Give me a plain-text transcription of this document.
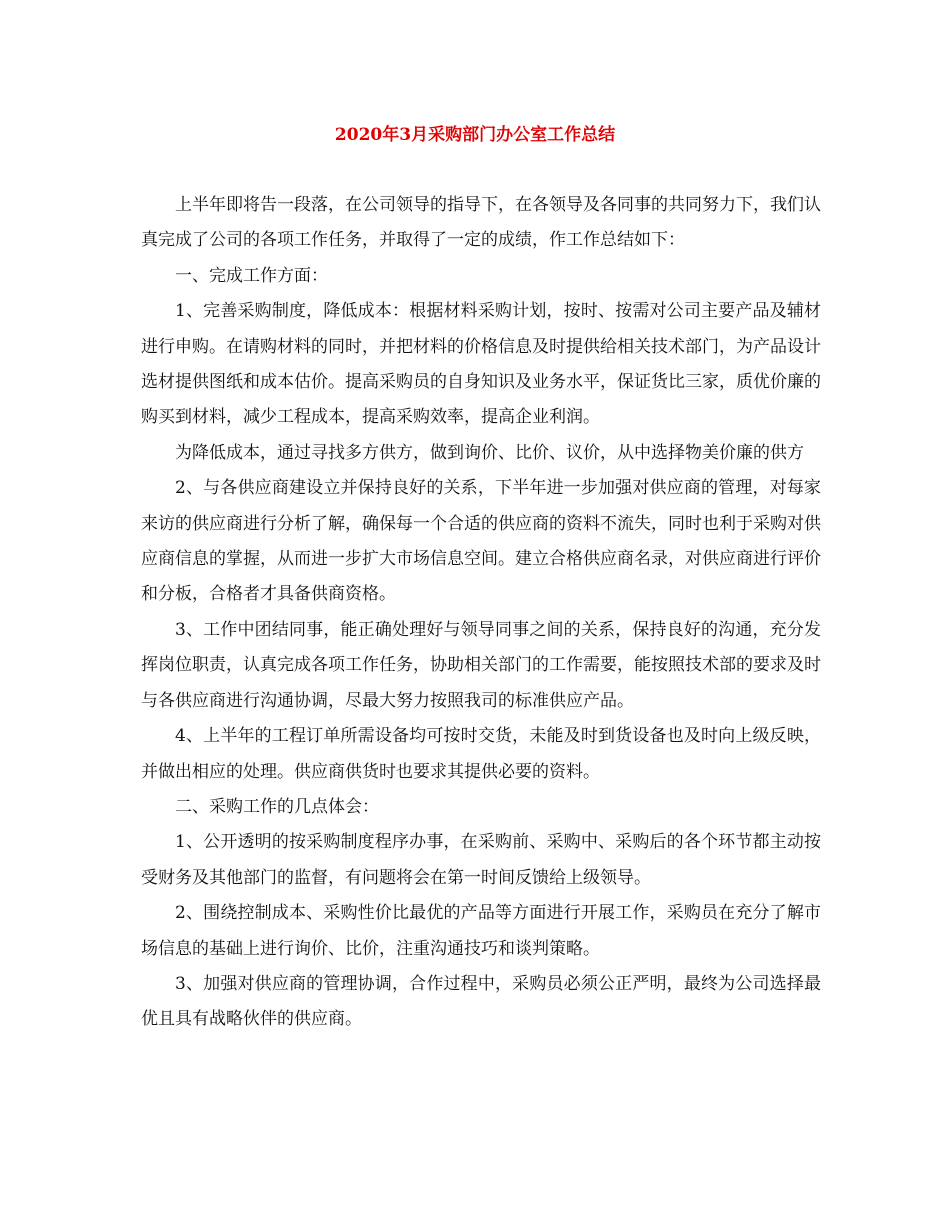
2020年3月采购部门办公室工作总结

上半年即将告一段落，在公司领导的指导下，在各领导及各同事的共同努力下，我们认真完成了公司的各项工作任务，并取得了一定的成绩，作工作总结如下：

一、完成工作方面：

1、完善采购制度，降低成本：根据材料采购计划，按时、按需对公司主要产品及辅材进行申购。在请购材料的同时，并把材料的价格信息及时提供给相关技术部门，为产品设计选材提供图纸和成本估价。提高采购员的自身知识及业务水平，保证货比三家，质优价廉的购买到材料，减少工程成本，提高采购效率，提高企业利润。

为降低成本，通过寻找多方供方，做到询价、比价、议价，从中选择物美价廉的供方

2、与各供应商建设立并保持良好的关系，下半年进一步加强对供应商的管理，对每家来访的供应商进行分析了解，确保每一个合适的供应商的资料不流失，同时也利于采购对供应商信息的掌握，从而进一步扩大市场信息空间。建立合格供应商名录，对供应商进行评价和分板，合格者才具备供商资格。

3、工作中团结同事，能正确处理好与领导同事之间的关系，保持良好的沟通，充分发挥岗位职责，认真完成各项工作任务，协助相关部门的工作需要，能按照技术部的要求及时与各供应商进行沟通协调，尽最大努力按照我司的标准供应产品。

4、上半年的工程订单所需设备均可按时交货，未能及时到货设备也及时向上级反映，并做出相应的处理。供应商供货时也要求其提供必要的资料。

二、采购工作的几点体会：

1、公开透明的按采购制度程序办事，在采购前、采购中、采购后的各个环节都主动按受财务及其他部门的监督，有问题将会在第一时间反馈给上级领导。

2、围绕控制成本、采购性价比最优的产品等方面进行开展工作，采购员在充分了解市场信息的基础上进行询价、比价，注重沟通技巧和谈判策略。

3、加强对供应商的管理协调，合作过程中，采购员必须公正严明，最终为公司选择最优且具有战略伙伴的供应商。
